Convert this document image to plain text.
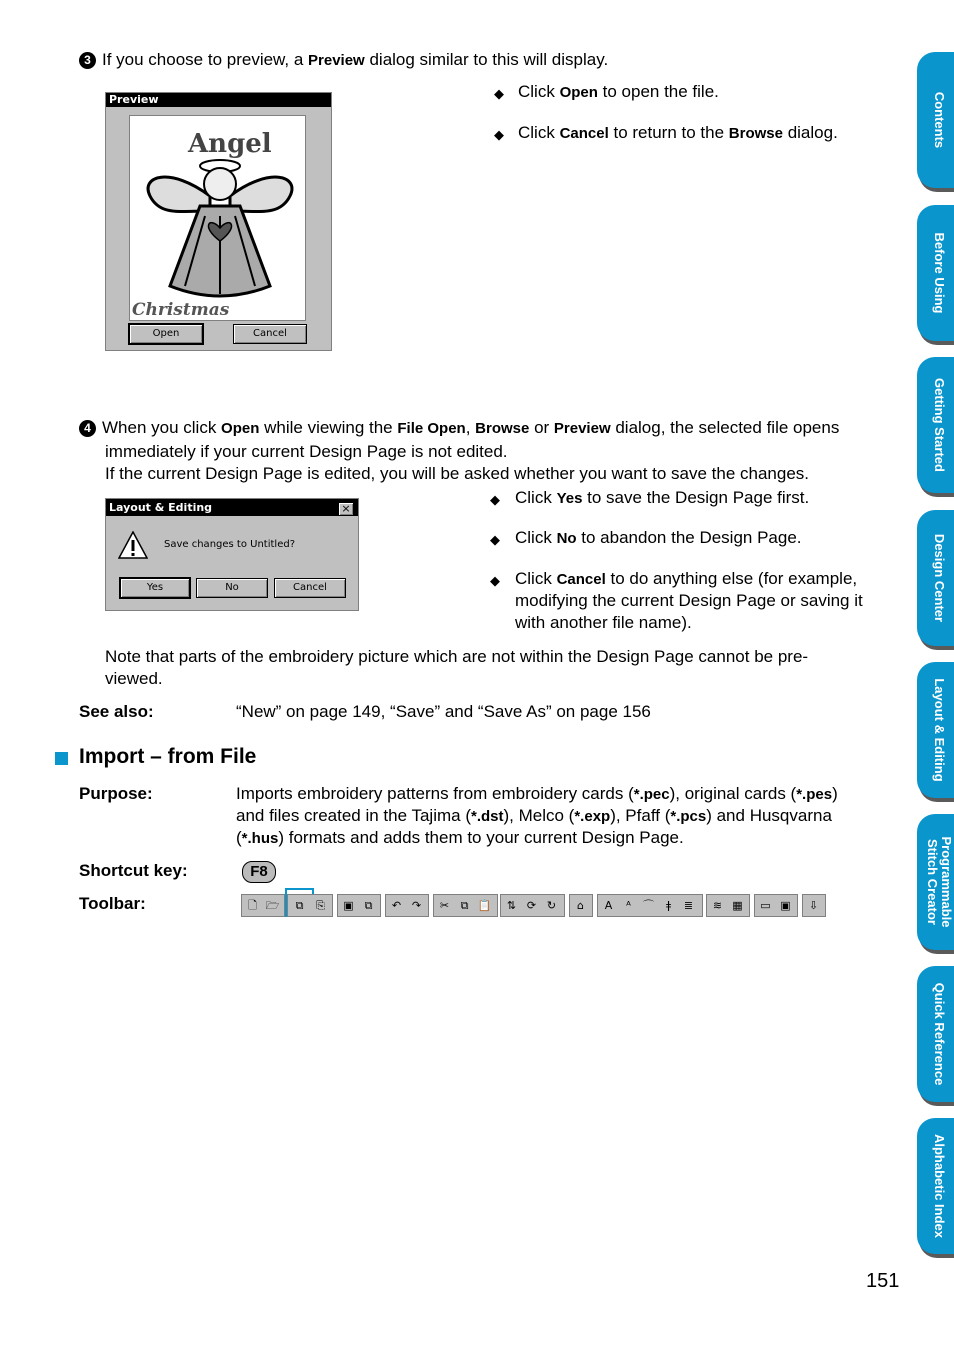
3 If you choose to preview, a Preview dialog similar to this will display.
Preview
Angel
Christmas
Open	Cancel
◆ Click Open to open the file.
◆ Click Cancel to return to the Browse dialog.
4 When you click Open while viewing the File Open, Browse or Preview dialog, the selected file opens
immediately if your current Design Page is not edited.
If the current Design Page is edited, you will be asked whether you want to save the changes.
Layout & Editing	×
Save changes to Untitled?
Yes	No	Cancel
◆ Click Yes to save the Design Page first.
◆ Click No to abandon the Design Page.
◆ Click Cancel to do anything else (for example,
modifying the current Design Page or saving it
with another file name).
Note that parts of the embroidery picture which are not within the Design Page cannot be pre-
viewed.
See also:	“New” on page 149, “Save” and “Save As” on page 156
Import – from File
Purpose:	Imports embroidery patterns from embroidery cards (*.pec), original cards (*.pes)
and files created in the Tajima (*.dst), Melco (*.exp), Pfaff (*.pcs) and Husqvarna
(*.hus) formats and adds them to your current Design Page.
Shortcut key:	F8
Toolbar:	🗋 🗁	⧉	⎘	▣ ⧉	↶ ↷	✂	⧉ 📋	⇅ ⟳ ↻	⌂	A	ᴬ	⌒	ǂ	≣	≋ ▦	▭ ▣	⇩
Contents
Before Using
Getting Started
Design Center
Layout & Editing
Programmable Stitch Creator
Quick Reference
Alphabetic Index
151
